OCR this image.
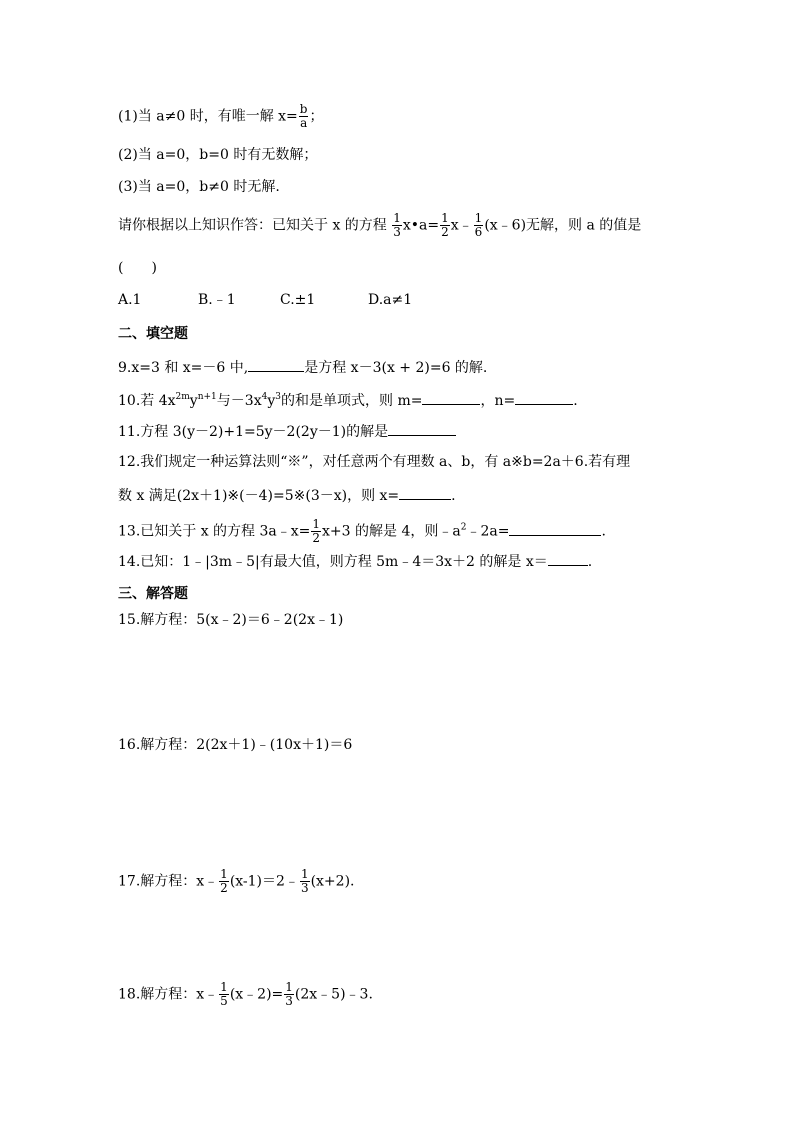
(1)当 a≠0 时，有唯一解 $x= \frac{b}{a}$ ；
(2)当 a=0，b=0 时有无数解；
(3)当 a=0，b≠0 时无解.
请你根据以上知识作答：已知关于 x 的方程 $\frac{1}{3}$ x•a= $\frac{1}{2}$ x﹣ $\frac{1}{6}$ (x﹣6)无解，则 a 的值是
(　　)
A.1	B.﹣1	C.±1	D.a≠1
二、填空题
9.x=3 和 x=－6 中,	是方程 x－3(x + 2)=6 的解.
10.若 $4x^{2m}y^{n+1}$与$-3x^4y^3$的和是单项式，则 m=	，n=	.
11.方程 3(y－2)+1=5y－2(2y－1)的解是
12.我们规定一种运算法则“※”，对任意两个有理数 a、b，有 a※b=2a＋6.若有理
数 x 满足(2x＋1)※(－4)=5※(3－x)，则 x=	.
13.已知关于 x 的方程 3a﹣x= $\frac{1}{2} x+3$ 的解是 4，则$﹣a^2﹣2a=$	.
14.已知：1﹣|3m﹣5|有最大值，则方程 5m﹣4＝3x＋2 的解是 x＝	.
三、解答题
15.解方程：5(x﹣2)＝6﹣2(2x﹣1)
16.解方程：2(2x＋1)﹣(10x＋1)＝6
17.解方程：x﹣ $\frac{1}{2}$ (x-1)＝2﹣ $\frac{1}{3} (x+2)$.
18.解方程：x﹣ $\frac{1}{5}$ (x﹣2)= $\frac{1}{3}$ (2x﹣5)﹣3.
